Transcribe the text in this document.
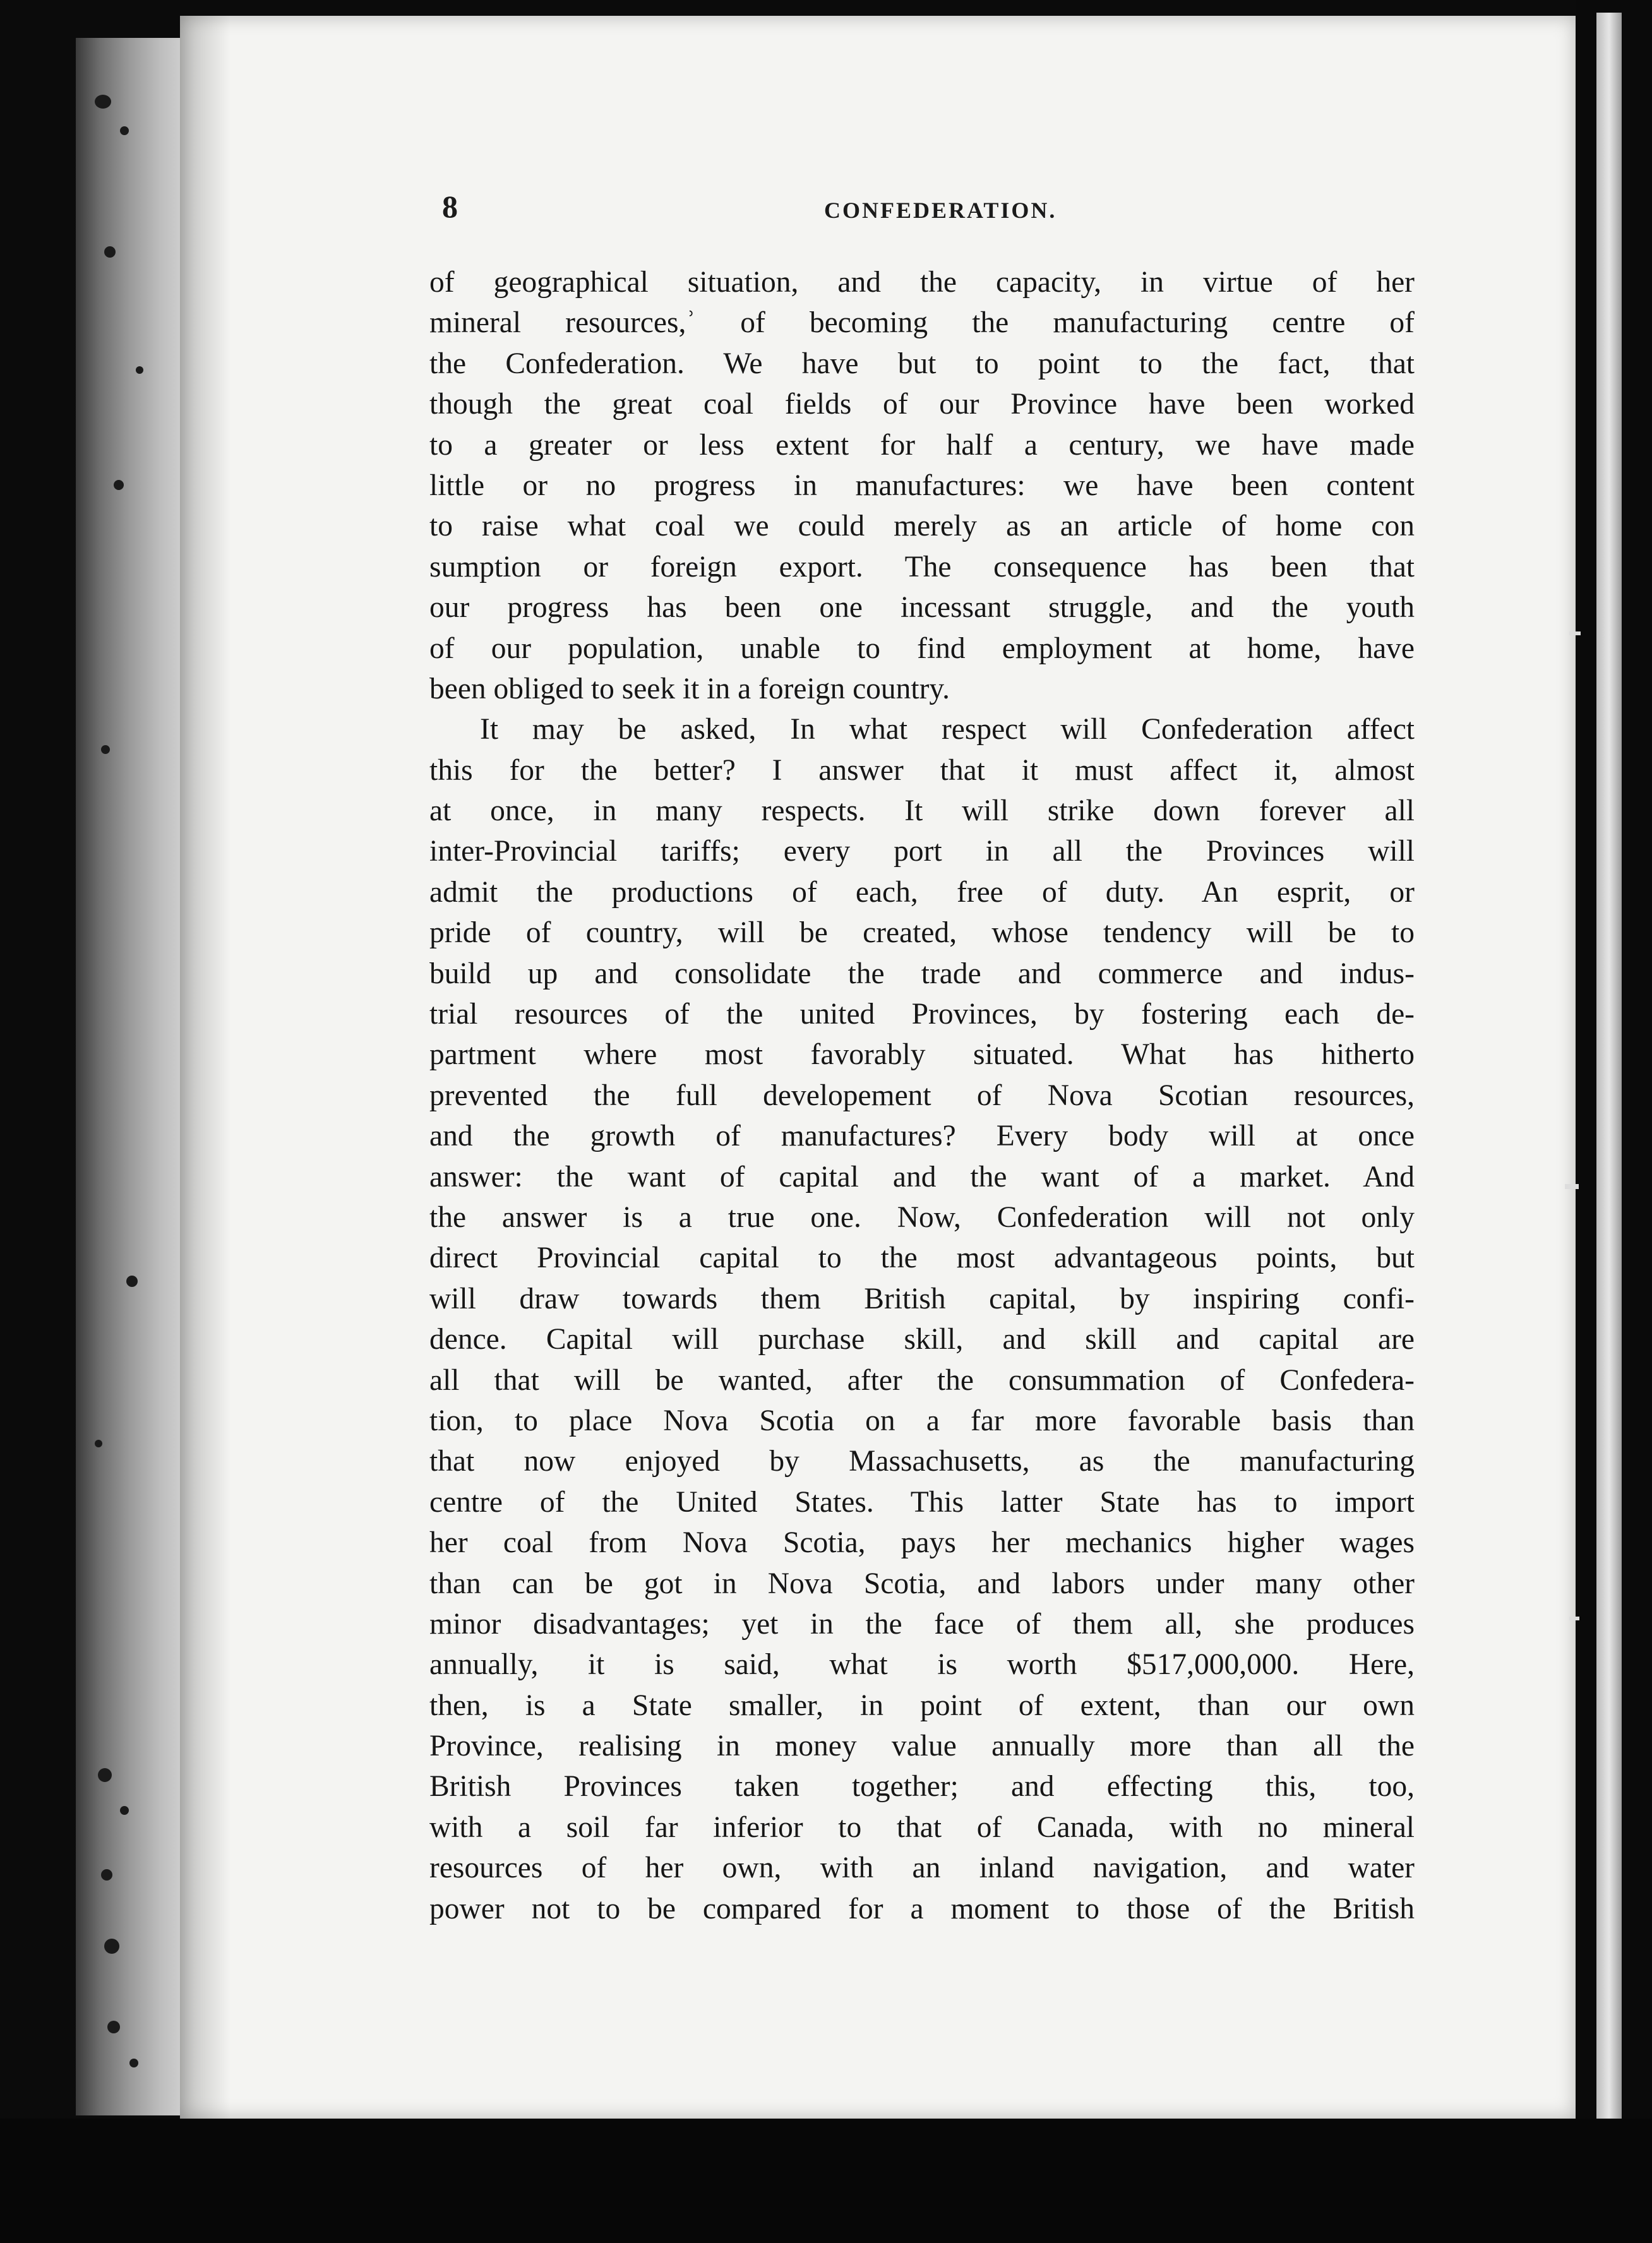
8	CONFEDERATION.
of geographical situation, and the capacity, in virtue of her
mineral resources,ʾ of becoming the manufacturing centre of
the Confederation. We have but to point to the fact, that
though the great coal fields of our Province have been worked
to a greater or less extent for half a century, we have made
little or no progress in manufactures: we have been content
to raise what coal we could merely as an article of home con
sumption or foreign export. The consequence has been that
our progress has been one incessant struggle, and the youth
of our population, unable to find employment at home, have
been obliged to seek it in a foreign country.
It may be asked, In what respect will Confederation affect
this for the better? I answer that it must affect it, almost
at once, in many respects. It will strike down forever all
inter-Provincial tariffs; every port in all the Provinces will
admit the productions of each, free of duty. An esprit, or
pride of country, will be created, whose tendency will be to
build up and consolidate the trade and commerce and indus-
trial resources of the united Provinces, by fostering each de-
partment where most favorably situated. What has hitherto
prevented the full developement of Nova Scotian resources,
and the growth of manufactures? Every body will at once
answer: the want of capital and the want of a market. And
the answer is a true one. Now, Confederation will not only
direct Provincial capital to the most advantageous points, but
will draw towards them British capital, by inspiring confi-
dence. Capital will purchase skill, and skill and capital are
all that will be wanted, after the consummation of Confedera-
tion, to place Nova Scotia on a far more favorable basis than
that now enjoyed by Massachusetts, as the manufacturing
centre of the United States. This latter State has to import
her coal from Nova Scotia, pays her mechanics higher wages
than can be got in Nova Scotia, and labors under many other
minor disadvantages; yet in the face of them all, she produces
annually, it is said, what is worth $517,000,000. Here,
then, is a State smaller, in point of extent, than our own
Province, realising in money value annually more than all the
British Provinces taken together; and effecting this, too,
with a soil far inferior to that of Canada, with no mineral
resources of her own, with an inland navigation, and water
power not to be compared for a moment to those of the British
